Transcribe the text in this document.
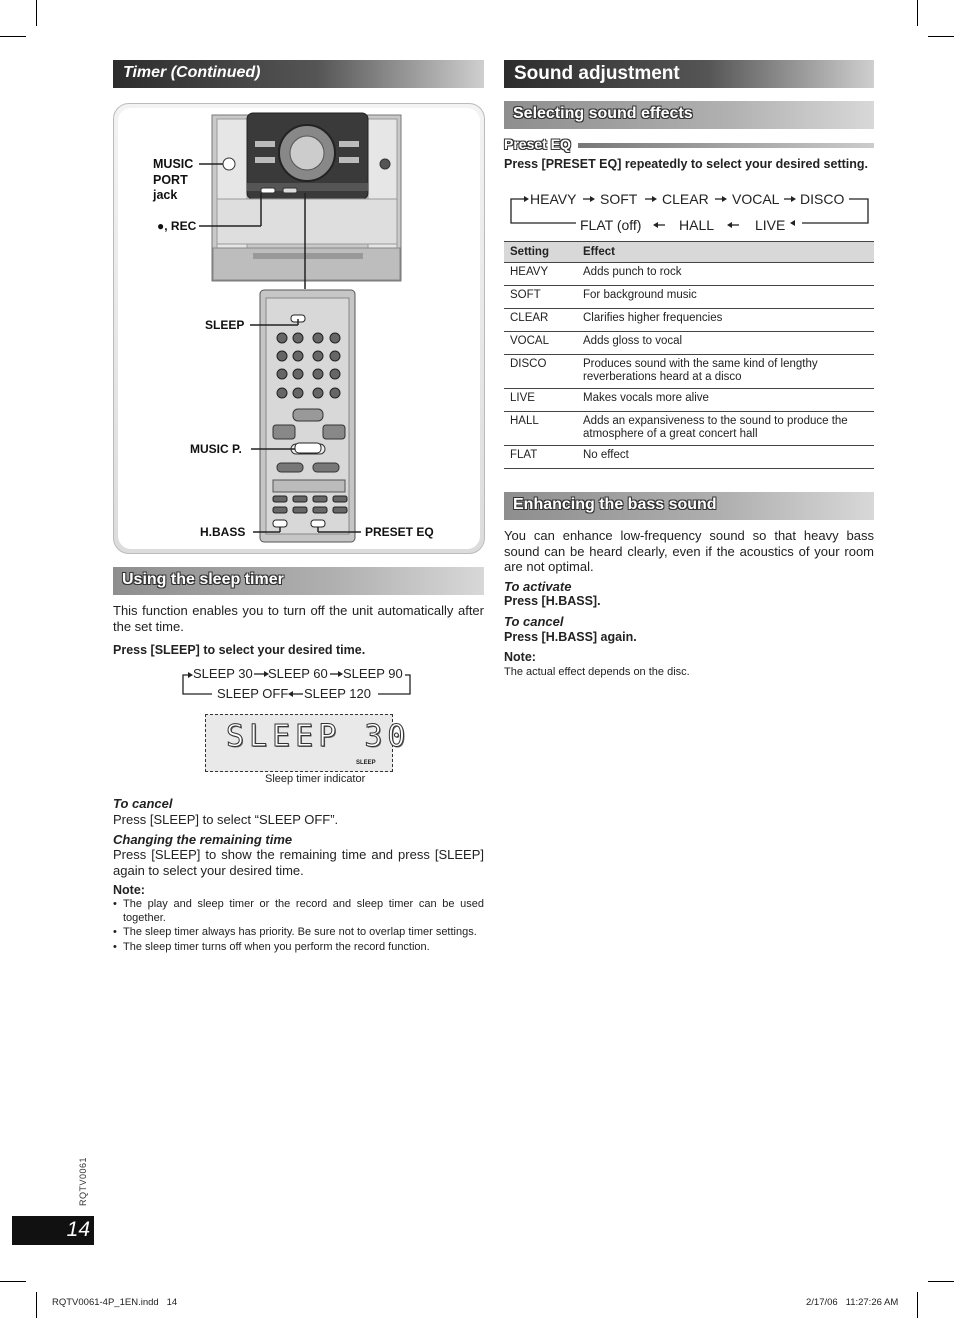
Timer (Continued)
MUSIC
PORT
jack
●, REC
SLEEP
MUSIC P.
H.BASS	PRESET EQ
Using the sleep timer

This function enables you to turn off the unit automatically after the set time.

Press [SLEEP] to select your desired time.

SLEEP 30 SLEEP 60 SLEEP 90
SLEEP OFF SLEEP 120
SLEEP 30
SLEEP
Sleep timer indicator

To cancel

Press [SLEEP] to select “SLEEP OFF”.

Changing the remaining time

Press [SLEEP] to show the remaining time and press [SLEEP] again to select your desired time.

Note:

• The play and sleep timer or the record and sleep timer can be used together.
• The sleep timer always has priority. Be sure not to overlap timer settings.
• The sleep timer turns off when you perform the record function.
Sound adjustment
Selecting sound effects
Preset EQ

Press [PRESET EQ] repeatedly to select your desired setting.

HEAVY SOFT CLEAR VOCAL DISCO
FLAT (off)	HALL	LIVE
Setting	Effect
HEAVY	Adds punch to rock
SOFT	For background music
CLEAR	Clarifies higher frequencies
VOCAL	Adds gloss to vocal
DISCO	Produces sound with the same kind of lengthy reverberations heard at a disco
LIVE	Makes vocals more alive
HALL	Adds an expansiveness to the sound to produce the atmosphere of a great concert hall
FLAT	No effect
Enhancing the bass sound

You can enhance low-frequency sound so that heavy bass sound can be heard clearly, even if the acoustics of your room are not optimal.

To activate

Press [H.BASS].

To cancel

Press [H.BASS] again.

Note:

The actual effect depends on the disc.

RQTV0061
14
RQTV0061-4P_1EN.indd   14	2/17/06   11:27:26 AM
